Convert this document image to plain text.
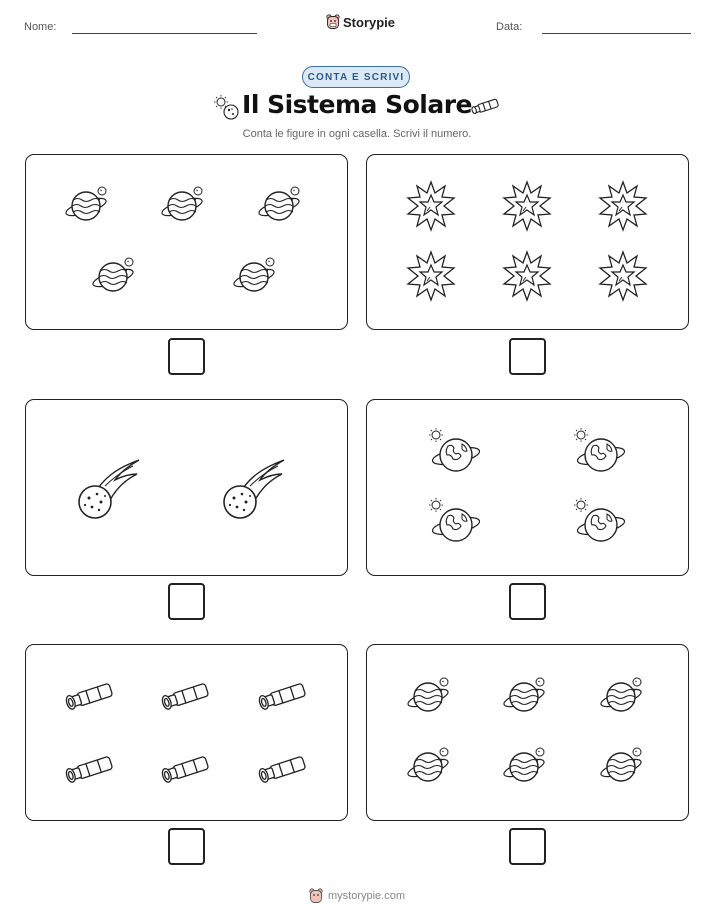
Nome:	Storypie	Data:
CONTA E SCRIVI
Il Sistema Solare
Conta le figure in ogni casella. Scrivi il numero.
mystorypie.com
